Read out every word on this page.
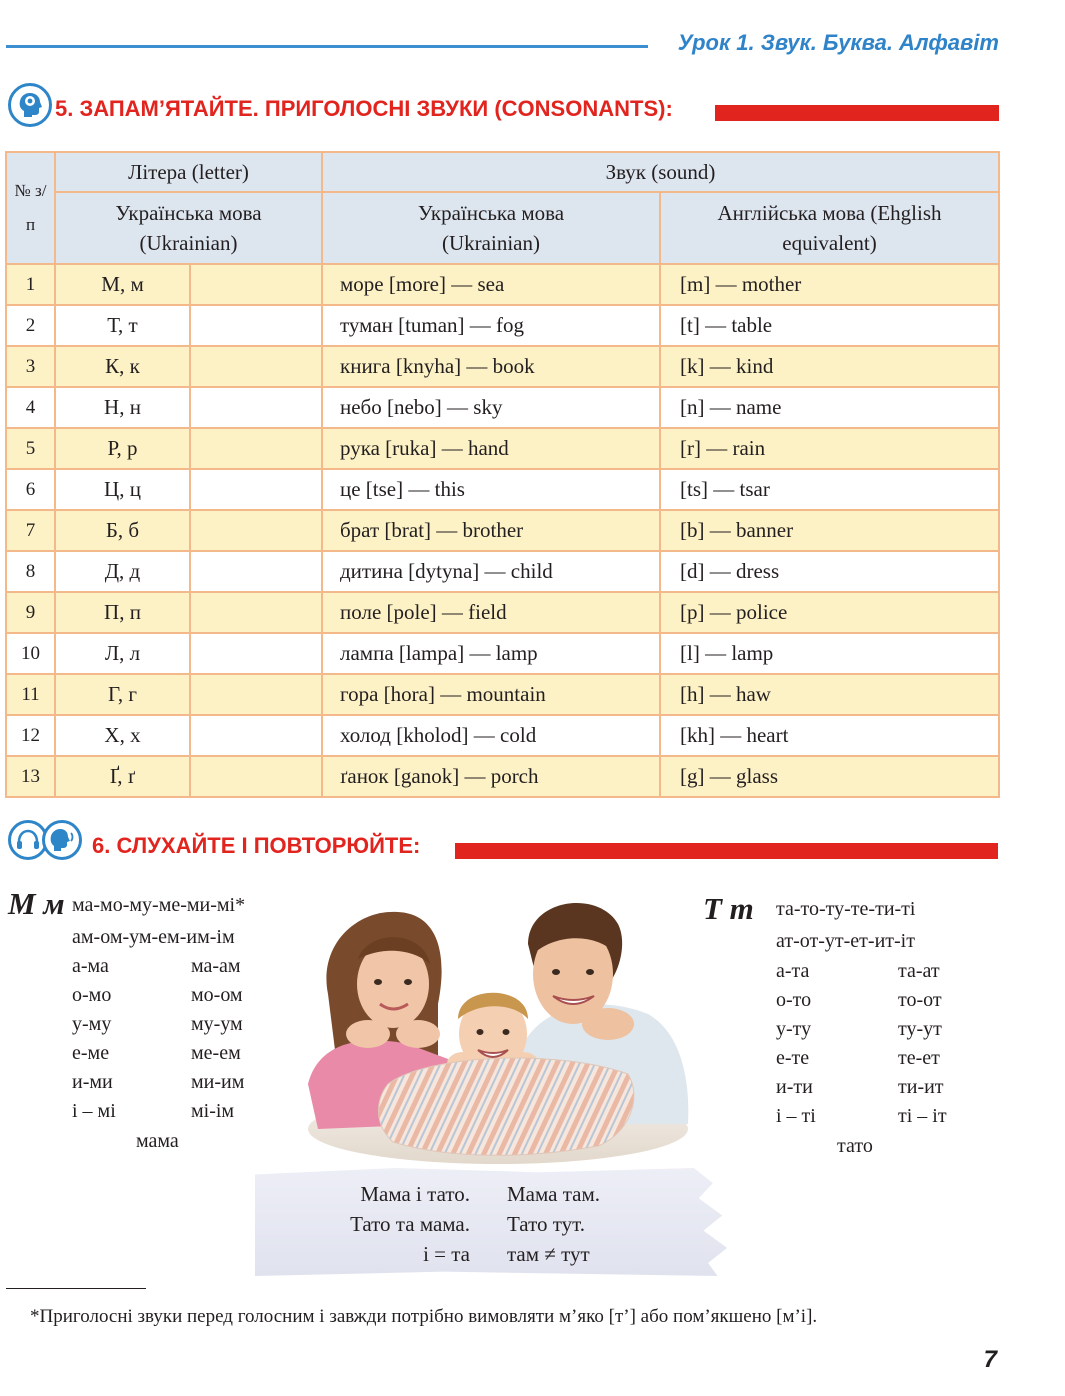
Урок 1. Звук. Буква. Алфавіт
5. ЗАПАМ’ЯТАЙТЕ. ПРИГОЛОСНІ ЗВУКИ (CONSONANTS):
№ з/ п	Літера (letter)		Звук (sound)	
	Українська мова (Ukrainian)		Українська мова (Ukrainian)	Англійська мова (Ehglish equivalent)
1	М, м		море [more] — sea	[m] — mother
2	Т, т		туман [tuman] — fog	[t] — table
3	К, к		книга [knyha] — book	[k] — kind
4	Н, н		небо [nebo] — sky	[n] — name
5	Р, р		рука [ruka] — hand	[r] — rain
6	Ц, ц		це [tse] — this	[ts] — tsar
7	Б, б		брат [brat] — brother	[b] — banner
8	Д, д		дитина [dytyna] — child	[d] — dress
9	П, п		поле [pole] — field	[p] — police
10	Л, л		лампа [lampa] — lamp	[l] — lamp
11	Г, г		гора [hora] — mountain	[h] — haw
12	Х, х		холод [kholod] — cold	[kh] — heart
13	Ґ, ґ		ґанок [ganok] — porch	[g] — glass
6. СЛУХАЙТЕ І ПОВТОРЮЙТЕ:
М м ма-мо-му-ме-ми-мі*
ам-ом-ум-ем-им-ім
а-ма	ма-ам
о-мо	мо-ом
у-му	му-ум
е-ме	ме-ем
и-ми	ми-им
і – мі	мі-ім
мама
Т т та-то-ту-те-ти-ті
ат-от-ут-ет-ит-іт
а-та	та-ат
о-то	то-от
у-ту	ту-ут
е-те	те-ет
и-ти	ти-ит
і – ті	ті – іт
тато
Мама і тато.
Тато та мама.
і = та
Мама там.
Тато тут.
там ≠ тут
*Приголосні звуки перед голосним і завжди потрібно вимовляти м’яко [т’] або пом’якшено [м’і].
7
